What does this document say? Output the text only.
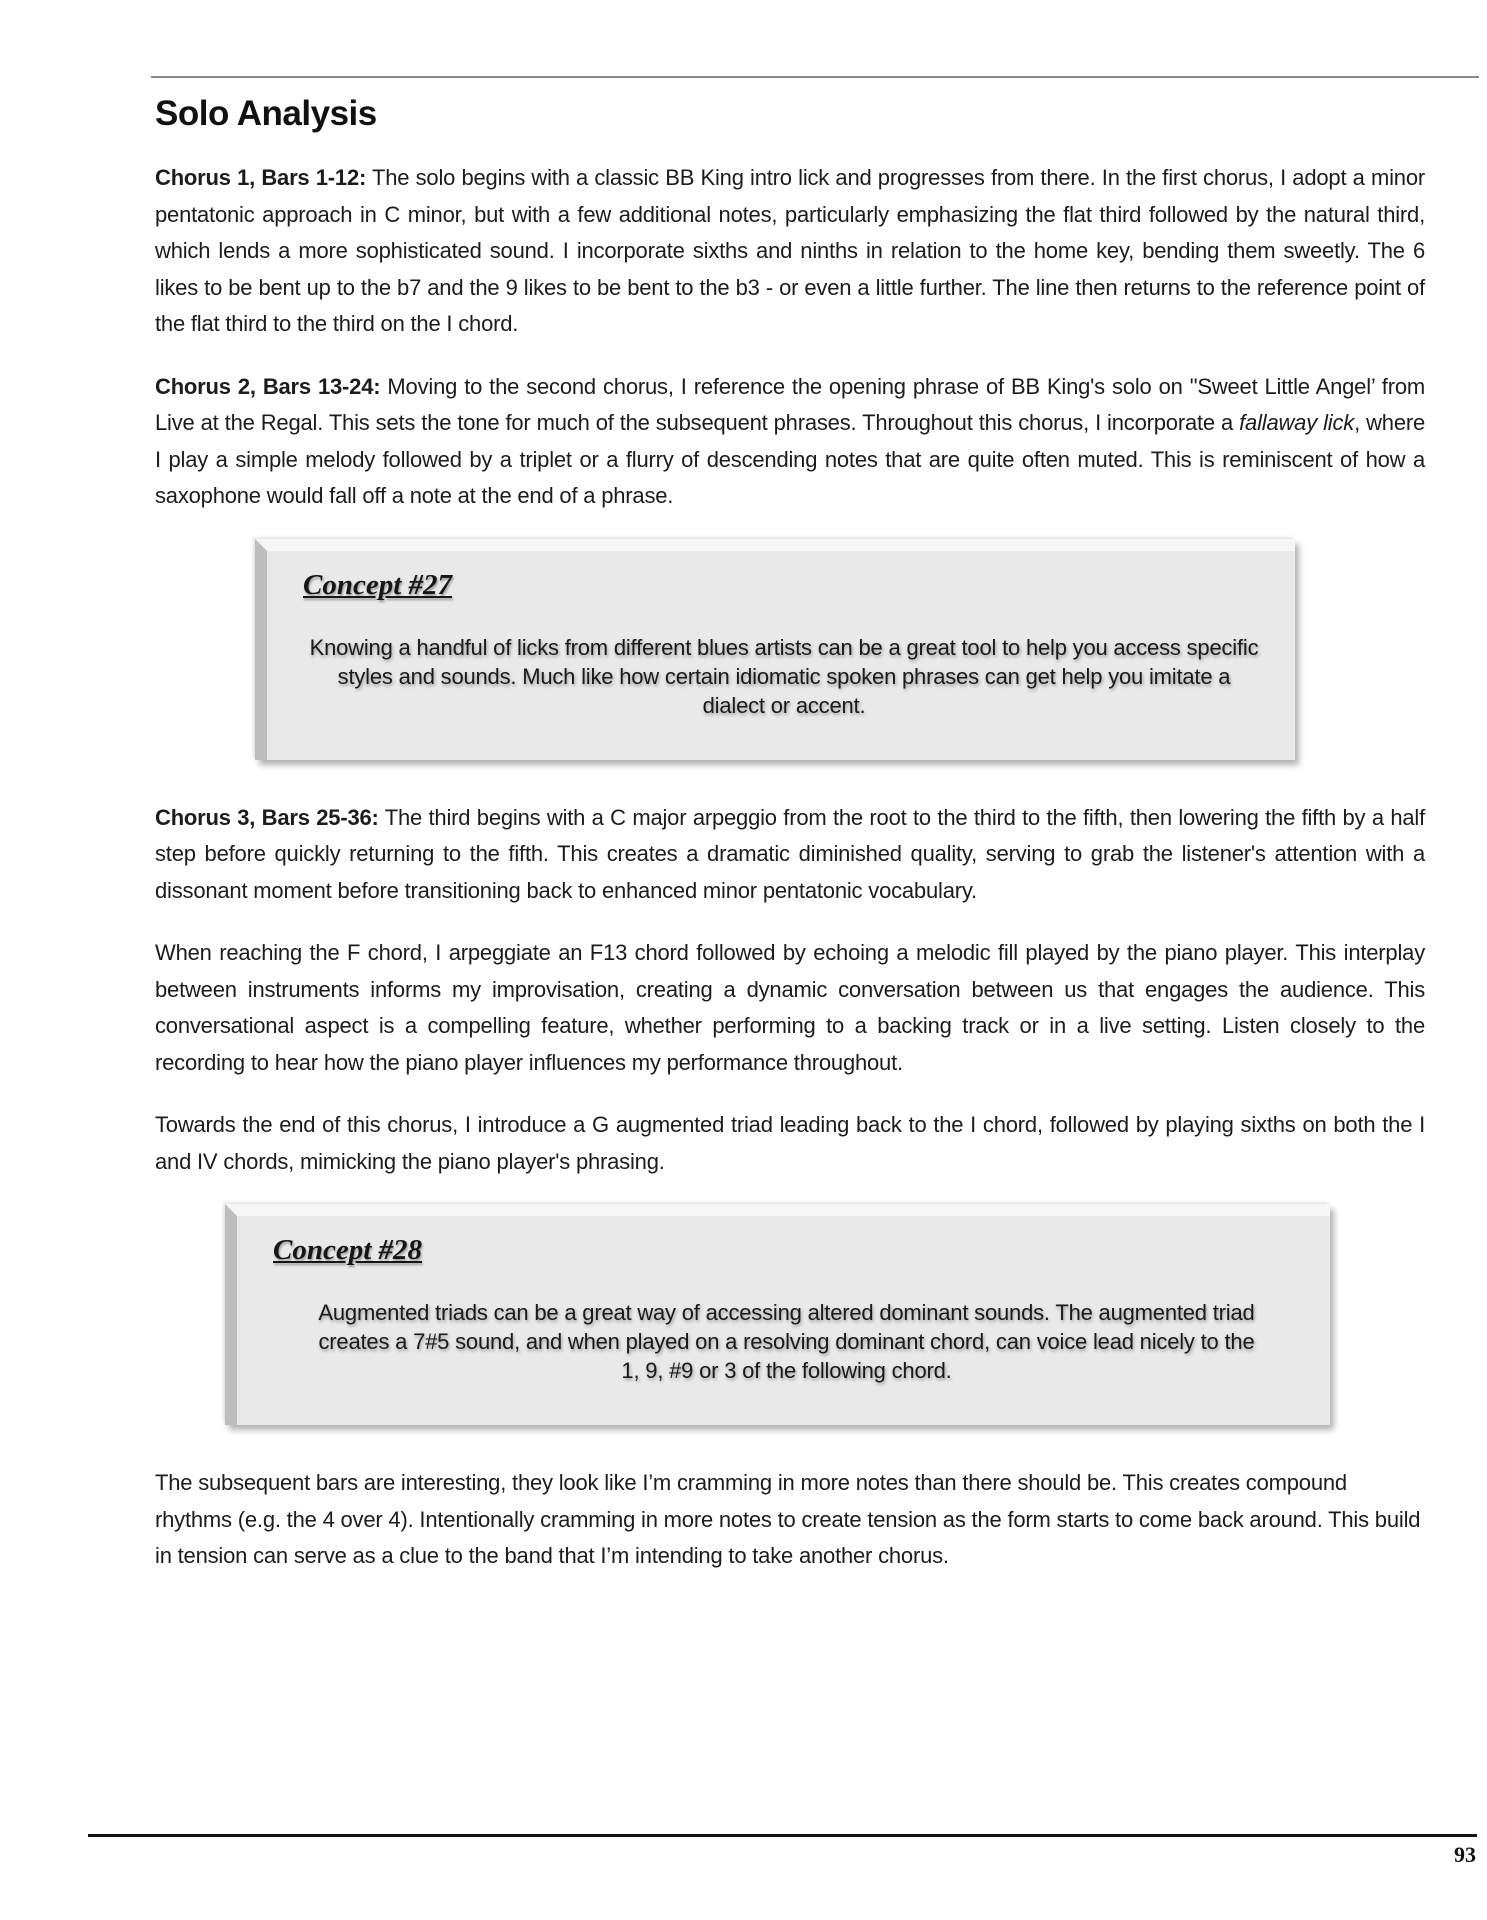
Solo Analysis

Chorus 1, Bars 1-12: The solo begins with a classic BB King intro lick and progresses from there. In the first chorus, I adopt a minor pentatonic approach in C minor, but with a few additional notes, particularly emphasizing the flat third followed by the natural third, which lends a more sophisticated sound. I incorporate sixths and ninths in relation to the home key, bending them sweetly. The 6 likes to be bent up to the b7 and the 9 likes to be bent to the b3 - or even a little further. The line then returns to the reference point of the flat third to the third on the I chord.

Chorus 2, Bars 13-24: Moving to the second chorus, I reference the opening phrase of BB King's solo on "Sweet Little Angel’ from Live at the Regal. This sets the tone for much of the subsequent phrases. Throughout this chorus, I incorporate a fallaway lick, where I play a simple melody followed by a triplet or a flurry of descending notes that are quite often muted. This is reminiscent of how a saxophone would fall off a note at the end of a phrase.

Concept #27
Knowing a handful of licks from different blues artists can be a great tool to help you access specific styles and sounds. Much like how certain idiomatic spoken phrases can get help you imitate a dialect or accent.

Chorus 3, Bars 25-36: The third begins with a C major arpeggio from the root to the third to the fifth, then lowering the fifth by a half step before quickly returning to the fifth. This creates a dramatic diminished quality, serving to grab the listener's attention with a dissonant moment before transitioning back to enhanced minor pentatonic vocabulary.

When reaching the F chord, I arpeggiate an F13 chord followed by echoing a melodic fill played by the piano player. This interplay between instruments informs my improvisation, creating a dynamic conversation between us that engages the audience. This conversational aspect is a compelling feature, whether performing to a backing track or in a live setting. Listen closely to the recording to hear how the piano player influences my performance throughout.

Towards the end of this chorus, I introduce a G augmented triad leading back to the I chord, followed by playing sixths on both the I and IV chords, mimicking the piano player's phrasing.

Concept #28
Augmented triads can be a great way of accessing altered dominant sounds. The augmented triad creates a 7#5 sound, and when played on a resolving dominant chord, can voice lead nicely to the 1, 9, #9 or 3 of the following chord.

The subsequent bars are interesting, they look like I’m cramming in more notes than there should be. This creates compound rhythms (e.g. the 4 over 4). Intentionally cramming in more notes to create tension as the form starts to come back around. This build in tension can serve as a clue to the band that I’m intending to take another chorus.

93
